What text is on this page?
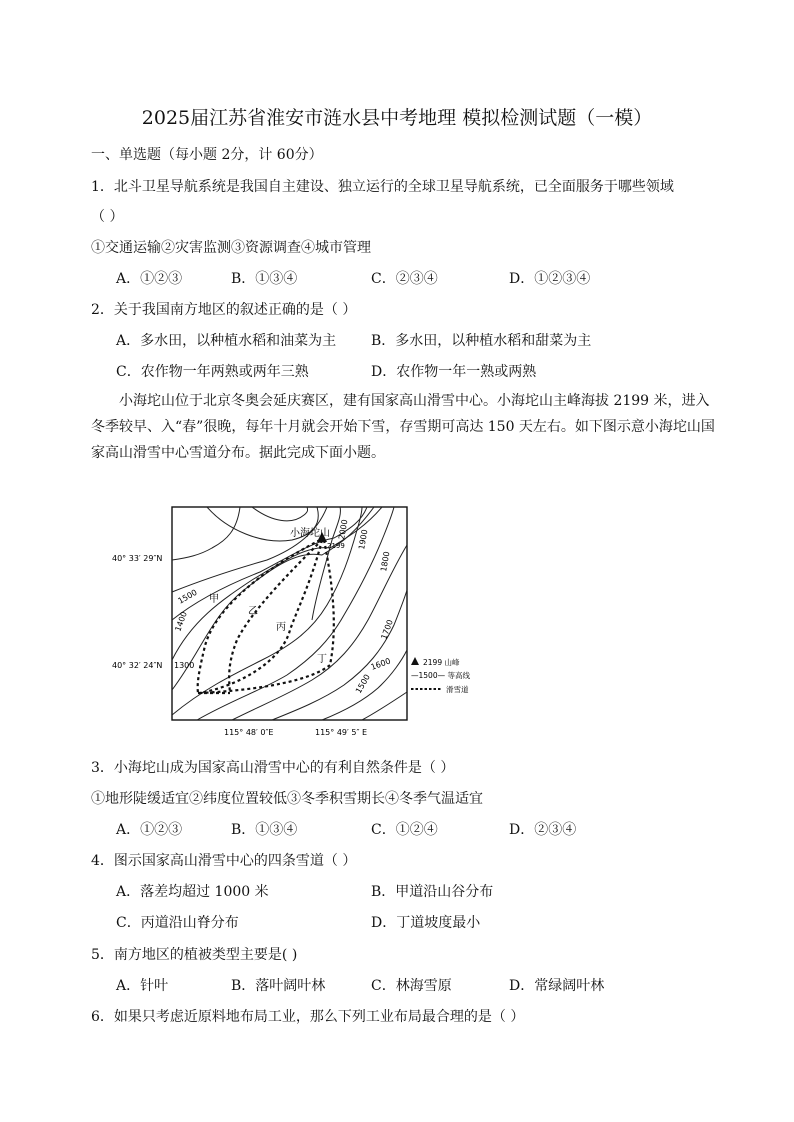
2025届江苏省淮安市涟水县中考地理 模拟检测试题（一模）
一、单选题（每小题 2分，计 60分）
1．北斗卫星导航系统是我国自主建设、独立运行的全球卫星导航系统，已全面服务于哪些领域
（ ）
①交通运输②灾害监测③资源调查④城市管理
A．①②③	B．①③④	C．②③④	D．①②③④
2．关于我国南方地区的叙述正确的是（ ）
A．多水田，以种植水稻和油菜为主 B．多水田，以种植水稻和甜菜为主
C．农作物一年两熟或两年三熟	D．农作物一年一熟或两熟

小海坨山位于北京冬奥会延庆赛区，建有国家高山滑雪中心。小海坨山主峰海拔 2199 米，进入冬季较早、入“春”很晚，每年十月就会开始下雪，存雪期可高达 150 天左右。如下图示意小海坨山国家高山滑雪中心雪道分布。据此完成下面小题。

小海坨山
2199
2000 1900
1800
1700
1600
1500
1500
1400
1300
甲
乙
丙
丁
40° 33′ 29″N
40° 32′ 24″N
115° 48′ 0″E	115° 49′ 5″ E
2199 山峰
—1500— 等高线
滑雪道
3．小海坨山成为国家高山滑雪中心的有利自然条件是（ ）
①地形陡缓适宜②纬度位置较低③冬季积雪期长④冬季气温适宜
A．①②③	B．①③④	C．①②④	D．②③④
4．图示国家高山滑雪中心的四条雪道（ ）
A．落差均超过 1000 米	B．甲道沿山谷分布
C．丙道沿山脊分布	D．丁道坡度最小
5．南方地区的植被类型主要是( )
A．针叶	B．落叶阔叶林	C．林海雪原	D．常绿阔叶林
6．如果只考虑近原料地布局工业，那么下列工业布局最合理的是（ ）
